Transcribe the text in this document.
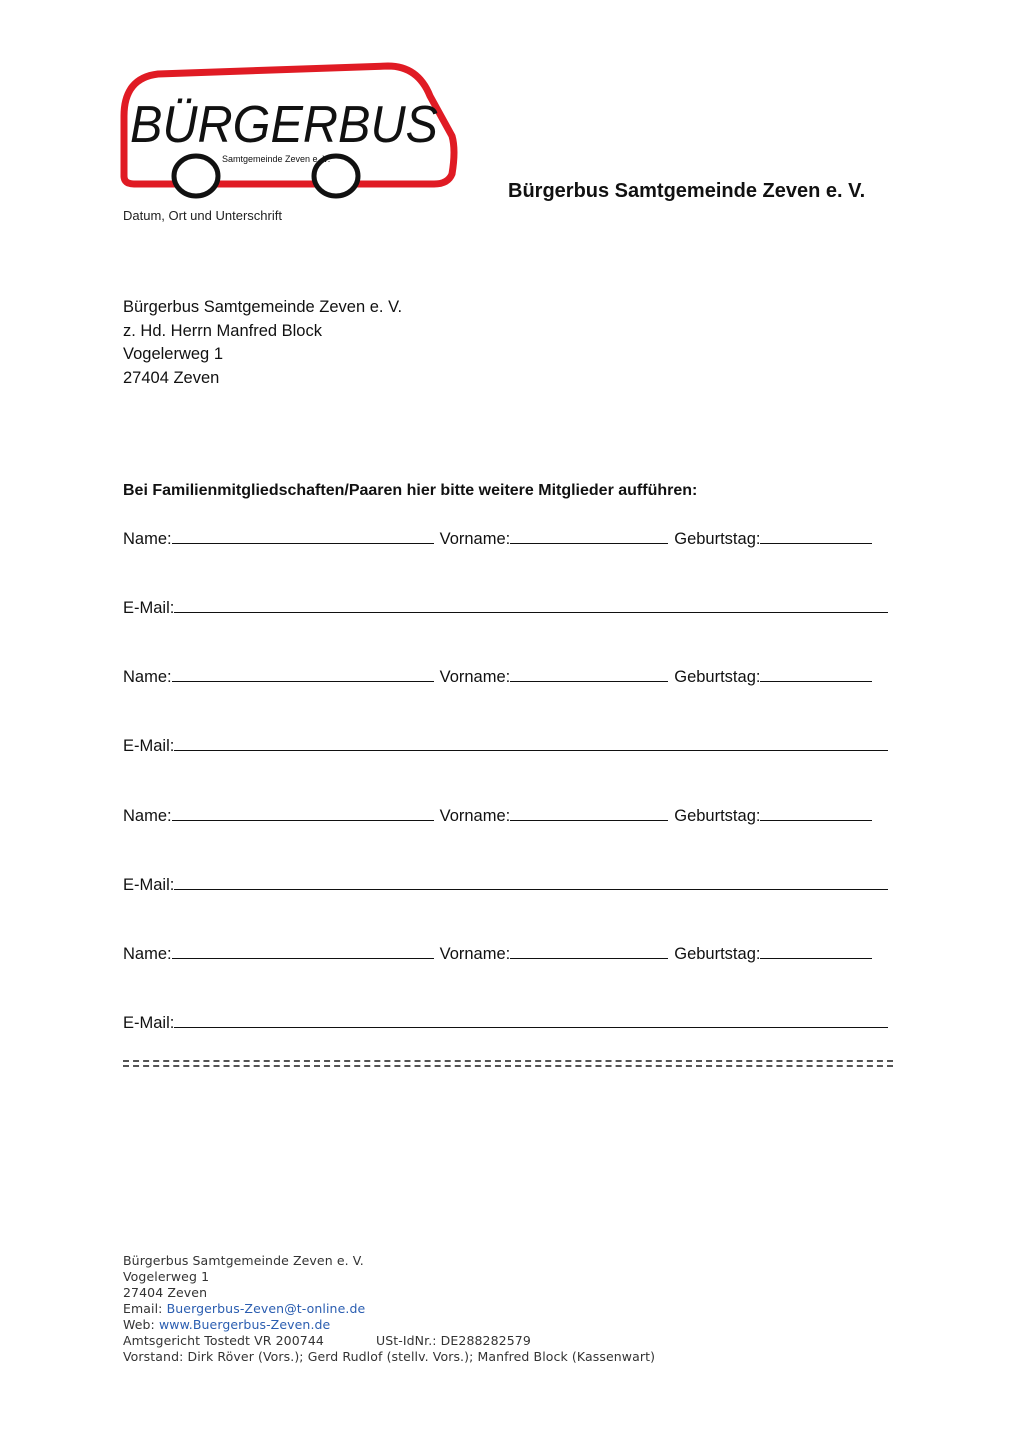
BÜRGERBUS
Samtgemeinde Zeven e. V.
Datum, Ort und Unterschrift
Bürgerbus Samtgemeinde Zeven e. V.
Bürgerbus Samtgemeinde Zeven e. V.
z. Hd. Herrn Manfred Block
Vogelerweg 1
27404 Zeven
Bei Familienmitgliedschaften/Paaren hier bitte weitere Mitglieder aufführen:
Name:	Vorname:	Geburtstag:
E-Mail:
Name:	Vorname:	Geburtstag:
E-Mail:
Name:	Vorname:	Geburtstag:
E-Mail:
Name:	Vorname:	Geburtstag:
E-Mail:
Bürgerbus Samtgemeinde Zeven e. V.
Vogelerweg 1
27404 Zeven
Email: Buergerbus-Zeven@t-online.de
Web: www.Buergerbus-Zeven.de
Amtsgericht Tostedt VR 200744	USt-IdNr.: DE288282579
Vorstand: Dirk Röver (Vors.); Gerd Rudlof (stellv. Vors.); Manfred Block (Kassenwart)
